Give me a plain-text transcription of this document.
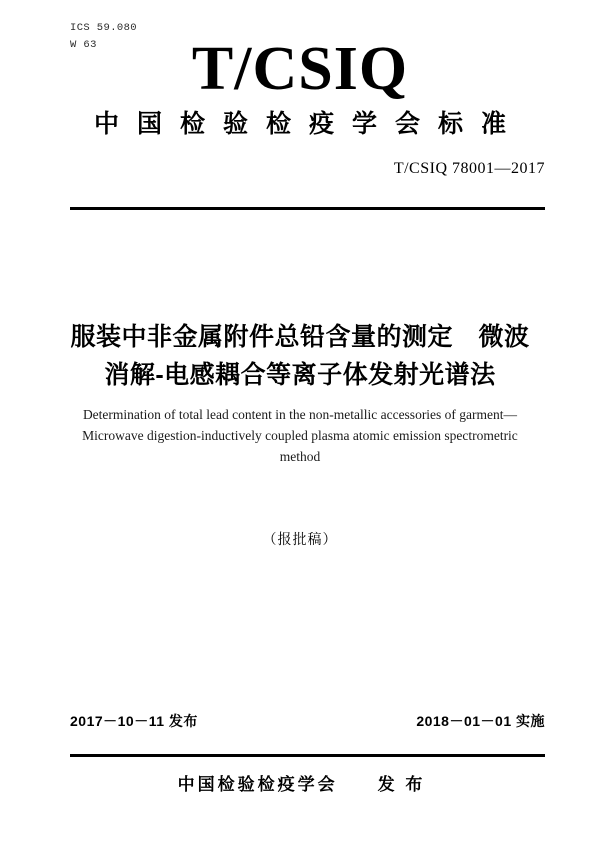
ICS 59.080
W 63	T/CSIQ
中国检验检疫学会标准
T/CSIQ 78001—2017
服装中非金属附件总铅含量的测定　微波
消解-电感耦合等离子体发射光谱法
Determination of total lead content in the non-metallic accessories of garment—
Microwave digestion-inductively coupled plasma atomic emission spectrometric
method
（报批稿）
2017－10－11 发布	2018－01－01 实施
中国检验检疫学会　　发 布
